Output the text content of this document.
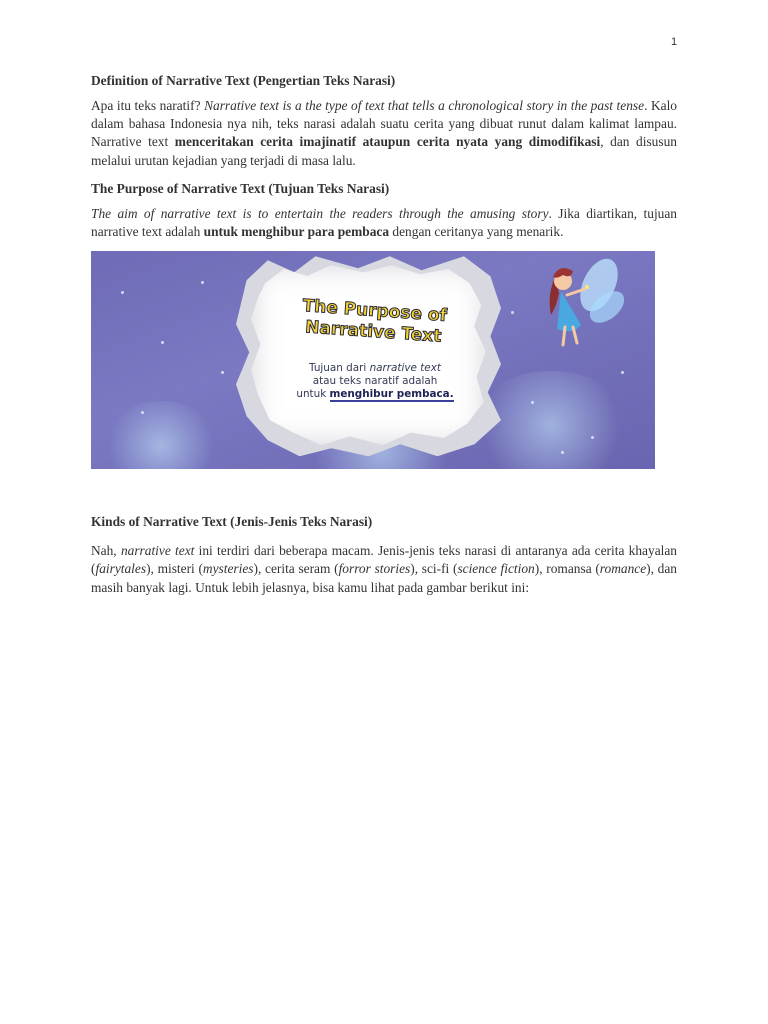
1
Definition of Narrative Text (Pengertian Teks Narasi)

Apa itu teks naratif? Narrative text is a the type of text that tells a chronological story in the past tense. Kalo dalam bahasa Indonesia nya nih, teks narasi adalah suatu cerita yang dibuat runut dalam kalimat lampau. Narrative text menceritakan cerita imajinatif ataupun cerita nyata yang dimodifikasi, dan disusun melalui urutan kejadian yang terjadi di masa lalu.

The Purpose of Narrative Text (Tujuan Teks Narasi)

The aim of narrative text is to entertain the readers through the amusing story. Jika diartikan, tujuan narrative text adalah untuk menghibur para pembaca dengan ceritanya yang menarik.

The Purpose of
Narrative Text
Tujuan dari narrative text
atau teks naratif adalah
untuk menghibur pembaca.
Kinds of Narrative Text (Jenis-Jenis Teks Narasi)

Nah, narrative text ini terdiri dari beberapa macam. Jenis-jenis teks narasi di antaranya ada cerita khayalan (fairytales), misteri (mysteries), cerita seram (forror stories), sci-fi (science fiction), romansa (romance), dan masih banyak lagi. Untuk lebih jelasnya, bisa kamu lihat pada gambar berikut ini:
